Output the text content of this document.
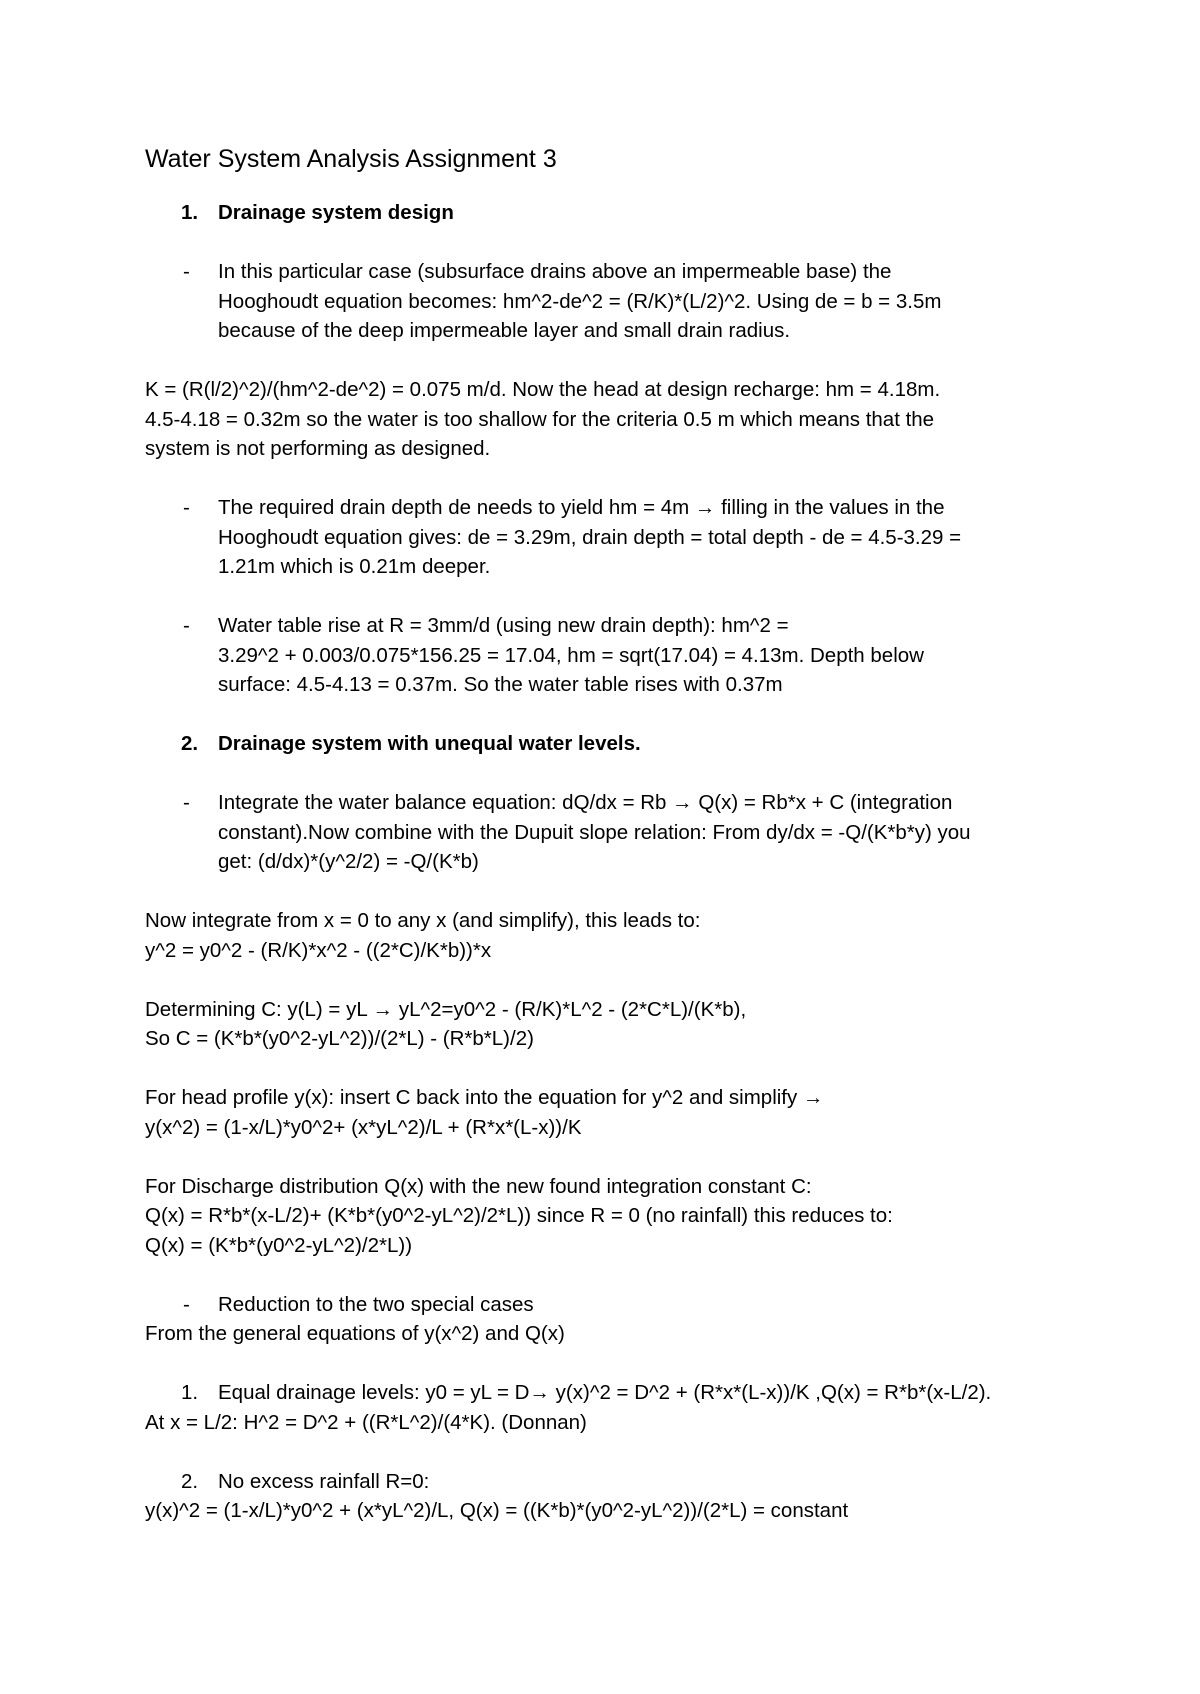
Water System Analysis Assignment 3
1. Drainage system design
-	In this particular case (subsurface drains above an impermeable base) the
Hooghoudt equation becomes: hm^2-de^2 = (R/K)*(L/2)^2. Using de = b = 3.5m
because of the deep impermeable layer and small drain radius.
K = (R(l/2)^2)/(hm^2-de^2) = 0.075 m/d. Now the head at design recharge: hm = 4.18m.
4.5-4.18 = 0.32m so the water is too shallow for the criteria 0.5 m which means that the
system is not performing as designed.
-	The required drain depth de needs to yield hm = 4m → filling in the values in the
Hooghoudt equation gives: de = 3.29m, drain depth = total depth - de = 4.5-3.29 =
1.21m which is 0.21m deeper.
-	Water table rise at R = 3mm/d (using new drain depth): hm^2 =
3.29^2 + 0.003/0.075*156.25 = 17.04, hm = sqrt(17.04) = 4.13m. Depth below
surface: 4.5-4.13 = 0.37m. So the water table rises with 0.37m
2. Drainage system with unequal water levels.
-	Integrate the water balance equation: dQ/dx = Rb → Q(x) = Rb*x + C (integration
constant).Now combine with the Dupuit slope relation: From dy/dx = -Q/(K*b*y) you
get: (d/dx)*(y^2/2) = -Q/(K*b)
Now integrate from x = 0 to any x (and simplify), this leads to:
y^2 = y0^2 - (R/K)*x^2 - ((2*C)/K*b))*x
Determining C: y(L) = yL → yL^2=y0^2 - (R/K)*L^2 - (2*C*L)/(K*b),
So C = (K*b*(y0^2-yL^2))/(2*L) - (R*b*L)/2)
For head profile y(x): insert C back into the equation for y^2 and simplify →
y(x^2) = (1-x/L)*y0^2+ (x*yL^2)/L + (R*x*(L-x))/K
For Discharge distribution Q(x) with the new found integration constant C:
Q(x) = R*b*(x-L/2)+ (K*b*(y0^2-yL^2)/2*L)) since R = 0 (no rainfall) this reduces to:
Q(x) = (K*b*(y0^2-yL^2)/2*L))
-	Reduction to the two special cases
From the general equations of y(x^2) and Q(x)
1. Equal drainage levels: y0 = yL = D→ y(x)^2 = D^2 + (R*x*(L-x))/K ,Q(x) = R*b*(x-L/2).
At x = L/2: H^2 = D^2 + ((R*L^2)/(4*K). (Donnan)
2. No excess rainfall R=0:
y(x)^2 = (1-x/L)*y0^2 + (x*yL^2)/L, Q(x) = ((K*b)*(y0^2-yL^2))/(2*L) = constant
